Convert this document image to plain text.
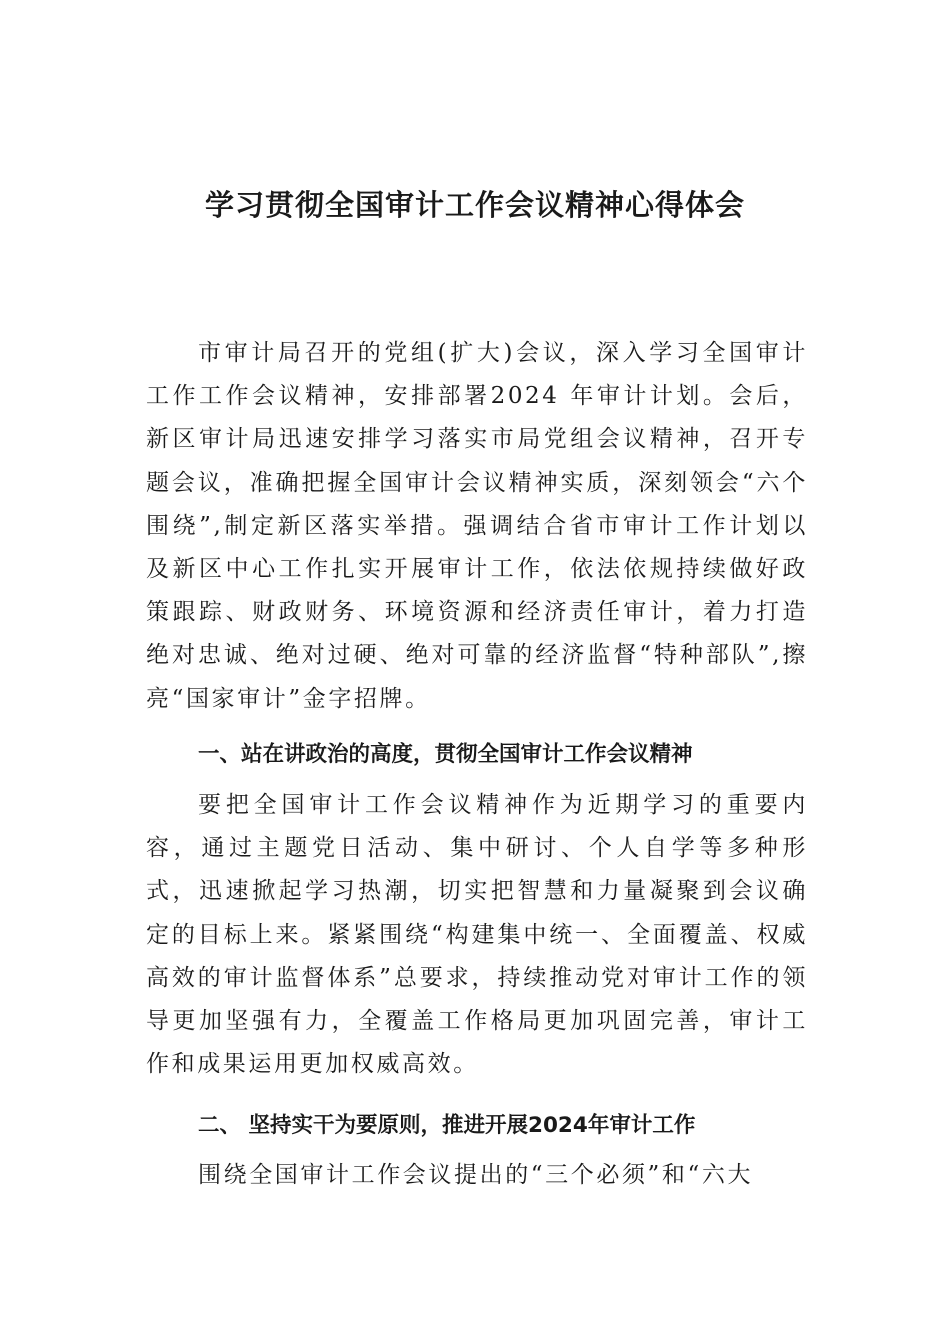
学习贯彻全国审计工作会议精神心得体会

市审计局召开的党组(扩大)会议，深入学习全国审计工作工作会议精神，安排部署2024 年审计计划。会后，新区审计局迅速安排学习落实市局党组会议精神，召开专题会议，准确把握全国审计会议精神实质，深刻领会“六个围绕”,制定新区落实举措。强调结合省市审计工作计划以及新区中心工作扎实开展审计工作，依法依规持续做好政策跟踪、财政财务、环境资源和经济责任审计，着力打造绝对忠诚、绝对过硬、绝对可靠的经济监督“特种部队”,擦亮“国家审计”金字招牌。

一、站在讲政治的高度，贯彻全国审计工作会议精神

要把全国审计工作会议精神作为近期学习的重要内容，通过主题党日活动、集中研讨、个人自学等多种形式，迅速掀起学习热潮，切实把智慧和力量凝聚到会议确定的目标上来。紧紧围绕“构建集中统一、全面覆盖、权威高效的审计监督体系”总要求，持续推动党对审计工作的领导更加坚强有力，全覆盖工作格局更加巩固完善，审计工作和成果运用更加权威高效。

二、 坚持实干为要原则，推进开展2024年审计工作

围绕全国审计工作会议提出的“三个必须”和“六大
